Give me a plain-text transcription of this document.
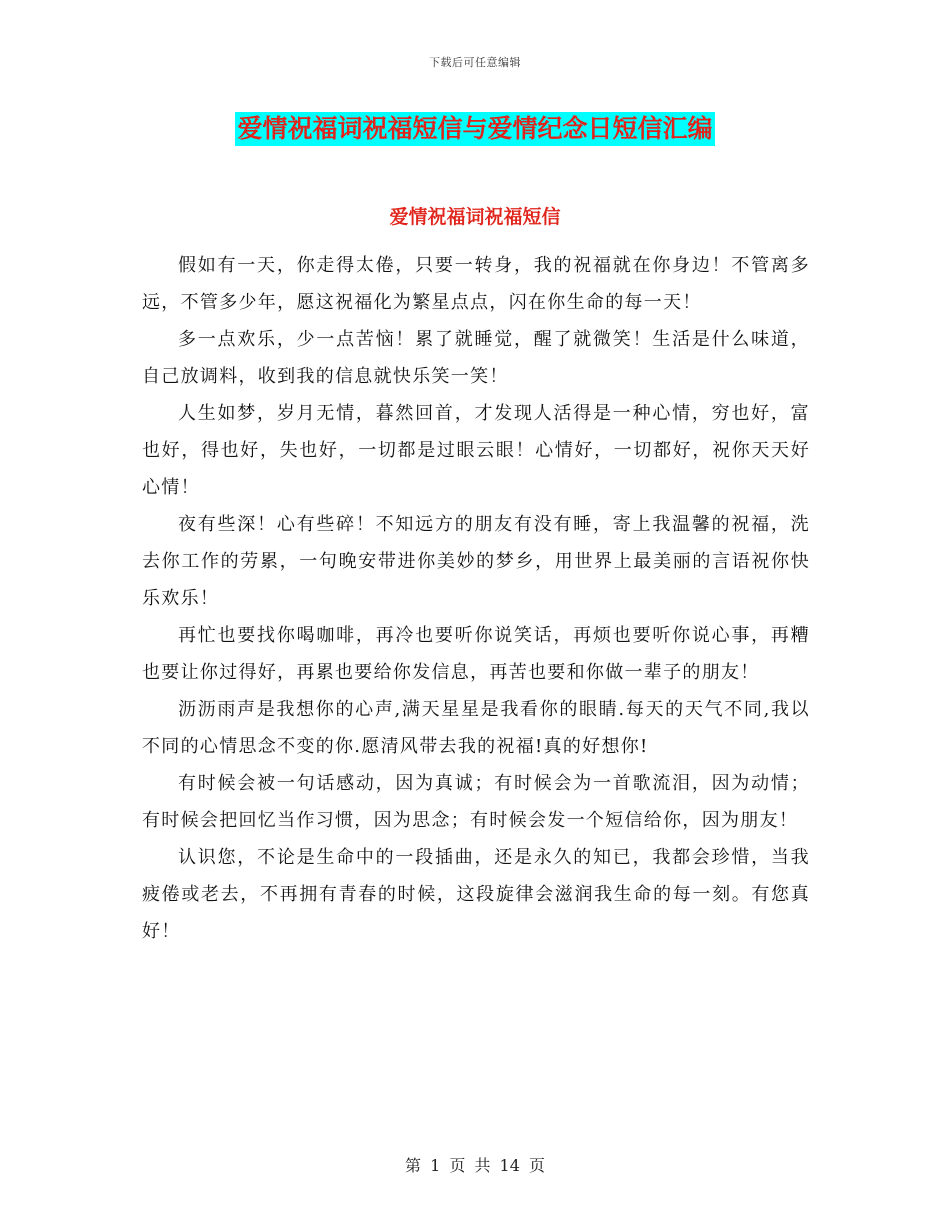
下载后可任意编辑
爱情祝福词祝福短信与爱情纪念日短信汇编
爱情祝福词祝福短信

假如有一天，你走得太倦，只要一转身，我的祝福就在你身边！不管离多远，不管多少年，愿这祝福化为繁星点点，闪在你生命的每一天！

多一点欢乐，少一点苦恼！累了就睡觉，醒了就微笑！生活是什么味道，自己放调料，收到我的信息就快乐笑一笑！

人生如梦，岁月无情，暮然回首，才发现人活得是一种心情，穷也好，富也好，得也好，失也好，一切都是过眼云眼！心情好，一切都好，祝你天天好心情！

夜有些深！心有些碎！不知远方的朋友有没有睡，寄上我温馨的祝福，洗去你工作的劳累，一句晚安带进你美妙的梦乡，用世界上最美丽的言语祝你快乐欢乐！

再忙也要找你喝咖啡，再冷也要听你说笑话，再烦也要听你说心事，再糟也要让你过得好，再累也要给你发信息，再苦也要和你做一辈子的朋友！

沥沥雨声是我想你的心声,满天星星是我看你的眼睛.每天的天气不同,我以不同的心情思念不变的你.愿清风带去我的祝福!真的好想你!

有时候会被一句话感动，因为真诚；有时候会为一首歌流泪，因为动情；有时候会把回忆当作习惯，因为思念；有时候会发一个短信给你，因为朋友！

认识您，不论是生命中的一段插曲，还是永久的知已，我都会珍惜，当我疲倦或老去，不再拥有青春的时候，这段旋律会滋润我生命的每一刻。有您真好！

第 1 页 共 14 页
